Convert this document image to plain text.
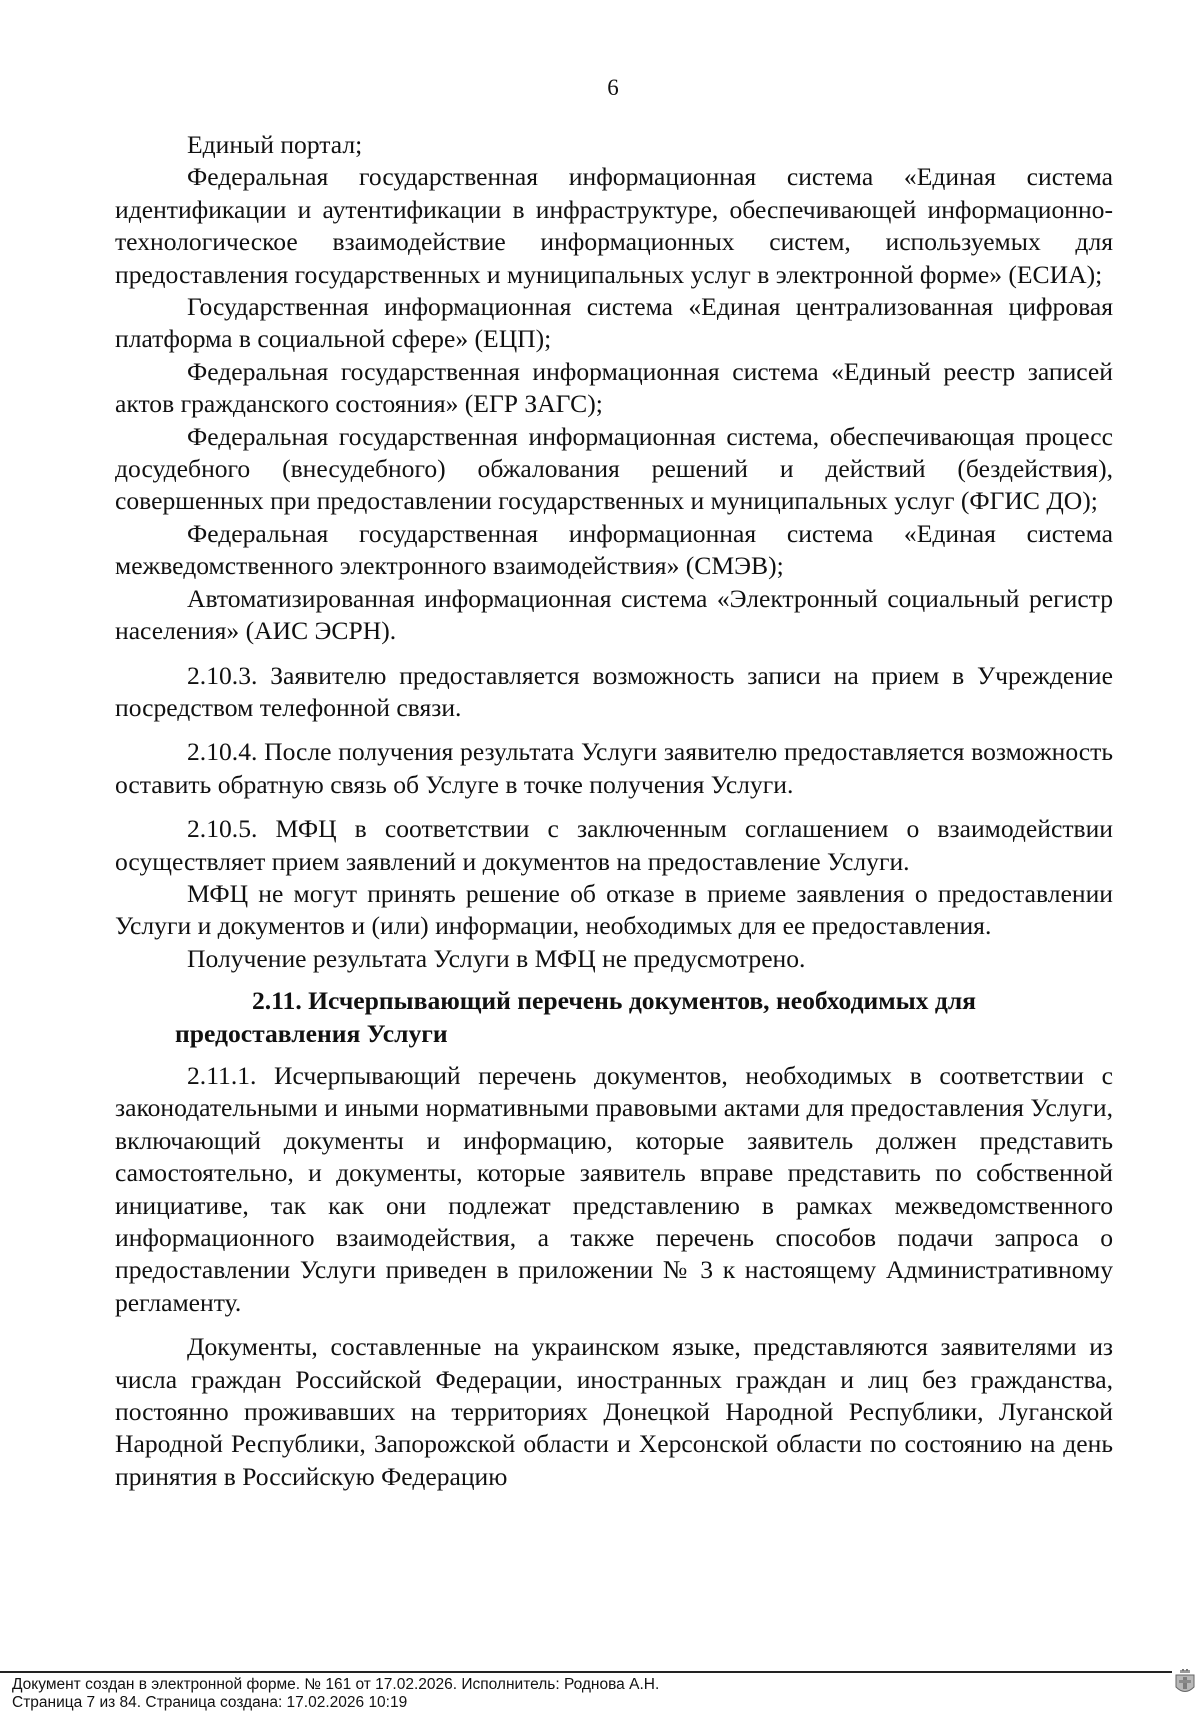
6

Единый портал;

Федеральная государственная информационная система «Единая система идентификации и аутентификации в инфраструктуре, обеспечивающей информационно-технологическое взаимодействие информационных систем, используемых для предоставления государственных и муниципальных услуг в электронной форме» (ЕСИА);

Государственная информационная система «Единая централизованная цифровая платформа в социальной сфере» (ЕЦП);

Федеральная государственная информационная система «Единый реестр записей актов гражданского состояния» (ЕГР ЗАГС);

Федеральная государственная информационная система, обеспечивающая процесс досудебного (внесудебного) обжалования решений и действий (бездействия), совершенных при предоставлении государственных и муниципальных услуг (ФГИС ДО);

Федеральная государственная информационная система «Единая система межведомственного электронного взаимодействия» (СМЭВ);

Автоматизированная информационная система «Электронный социальный регистр населения» (АИС ЭСРН).

2.10.3. Заявителю предоставляется возможность записи на прием в Учреждение посредством телефонной связи.

2.10.4. После получения результата Услуги заявителю предоставляется возможность оставить обратную связь об Услуге в точке получения Услуги.

2.10.5. МФЦ в соответствии с заключенным соглашением о взаимодействии осуществляет прием заявлений и документов на предоставление Услуги.

МФЦ не могут принять решение об отказе в приеме заявления о предоставлении Услуги и документов и (или) информации, необходимых для ее предоставления.

Получение результата Услуги в МФЦ не предусмотрено.

2.11. Исчерпывающий перечень документов, необходимых для предоставления Услуги

2.11.1. Исчерпывающий перечень документов, необходимых в соответствии с законодательными и иными нормативными правовыми актами для предоставления Услуги, включающий документы и информацию, которые заявитель должен представить самостоятельно, и документы, которые заявитель вправе представить по собственной инициативе, так как они подлежат представлению в рамках межведомственного информационного взаимодействия, а также перечень способов подачи запроса о предоставлении Услуги приведен в приложении № 3 к настоящему Административному регламенту.

Документы, составленные на украинском языке, представляются заявителями из числа граждан Российской Федерации, иностранных граждан и лиц без гражданства, постоянно проживавших на территориях Донецкой Народной Республики, Луганской Народной Республики, Запорожской области и Херсонской области по состоянию на день принятия в Российскую Федерацию

Документ создан в электронной форме. № 161 от 17.02.2026. Исполнитель: Роднова А.Н.
Страница 7 из 84. Страница создана: 17.02.2026 10:19
